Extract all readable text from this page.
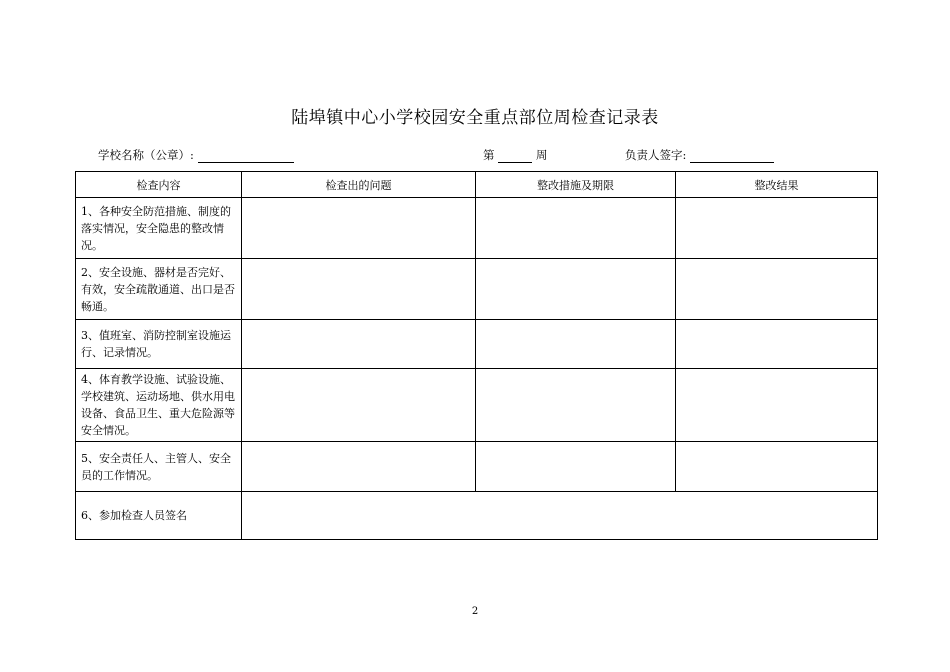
陆埠镇中心小学校园安全重点部位周检查记录表
学校名称（公章）:	第	周	负责人签字:
检查内容	检查出的问题	整改措施及期限	整改结果

1、各种安全防范措施、制度的落实情况，安全隐患的整改情况。			

2、安全设施、器材是否完好、有效，安全疏散通道、出口是否畅通。			

3、值班室、消防控制室设施运行、记录情况。			

4、体育教学设施、试验设施、学校建筑、运动场地、供水用电设备、食品卫生、重大危险源等安全情况。			

5、安全责任人、主管人、安全员的工作情况。			

6、参加检查人员签名			

2
